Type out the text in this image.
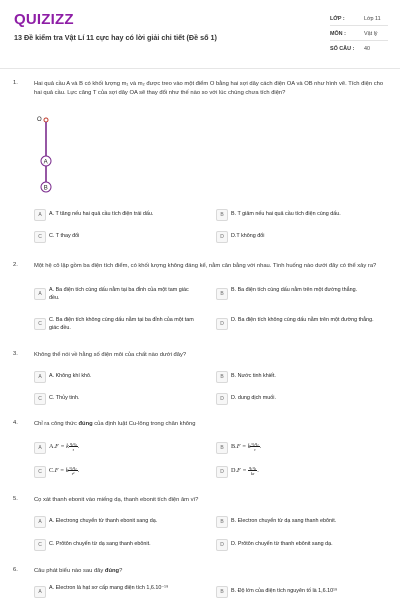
QUIZIZZ
13 Đề kiểm tra Vật Lí 11 cực hay có lời giải chi tiết (Đề số 1)
LỚP :	Lớp 11
MÔN :	Vật lý
SỐ CÂU : 40
1.	Hai quả cầu A và B có khối lượng m₁ và m₂ được treo vào một điểm O bằng hai sợi dây cách điện OA và OB như hình vẽ. Tích điện cho hai quả cầu. Lực căng T của sợi dây OA sẽ thay đổi như thế nào so với lúc chúng chưa tích điện?
O
A
B
A	A. T tăng nếu hai quả cầu tích điện trái dấu.	B	B. T giảm nếu hai quả cầu tích điện cùng dấu.
C	C. T thay đổi	D	D.T không đổi
2.	Một hệ cô lập gồm ba điện tích điểm, có khối lượng không đáng kể, nằm cân bằng với nhau. Tình huống nào dưới đây có thể xảy ra?
A
A. Ba điện tích cùng dấu nằm tại ba đỉnh của một tam giác đều.
B
B. Ba điện tích cùng dấu nằm trên một đường thẳng.
C
C. Ba điện tích không cùng dấu nằm tại ba đỉnh của một tam giác đều.
D
D. Ba điện tích không cùng dấu nằm trên một đường thẳng.
3.	Không thể nói về hằng số điện môi của chất nào dưới đây?
A	A. Không khí khô.	B	B. Nước tinh khiết.
C	C. Thủy tinh.	D	D. dung dịch muối.
4.	Chỉ ra công thức đúng của định luật Cu-lông trong chân không
A	A.F = k $\frac{\text{q₁q₂}}{r}$ .	B	B.F = k $\frac{\text{q₁q₂}}{r}$ .
C	C.F = k $\frac{\text{q₁q₂}}{\text{r²}}$ .	D	$D.F = \frac{\text{q₁q₂}}{kr}$ .
5.	Cọ xát thanh ebonit vào miếng dạ, thanh ebonit tích điện âm vì?
A	A. Electrong chuyển từ thanh ebonit sang dạ.	B	B. Electron chuyển từ dạ sang thanh ebônit.
C	C. Prôtôn chuyển từ dạ sang thanh ebônit.	D	D. Prôtôn chuyển từ thanh ebônit sang dạ.
6.	Câu phát biểu nào sau đây đúng?
A
A. Electron là hạt sơ cấp mang điện tích 1,6.10⁻¹⁹
B	B. Độ lớn của điện tích nguyên tố là 1,6.10¹⁹
